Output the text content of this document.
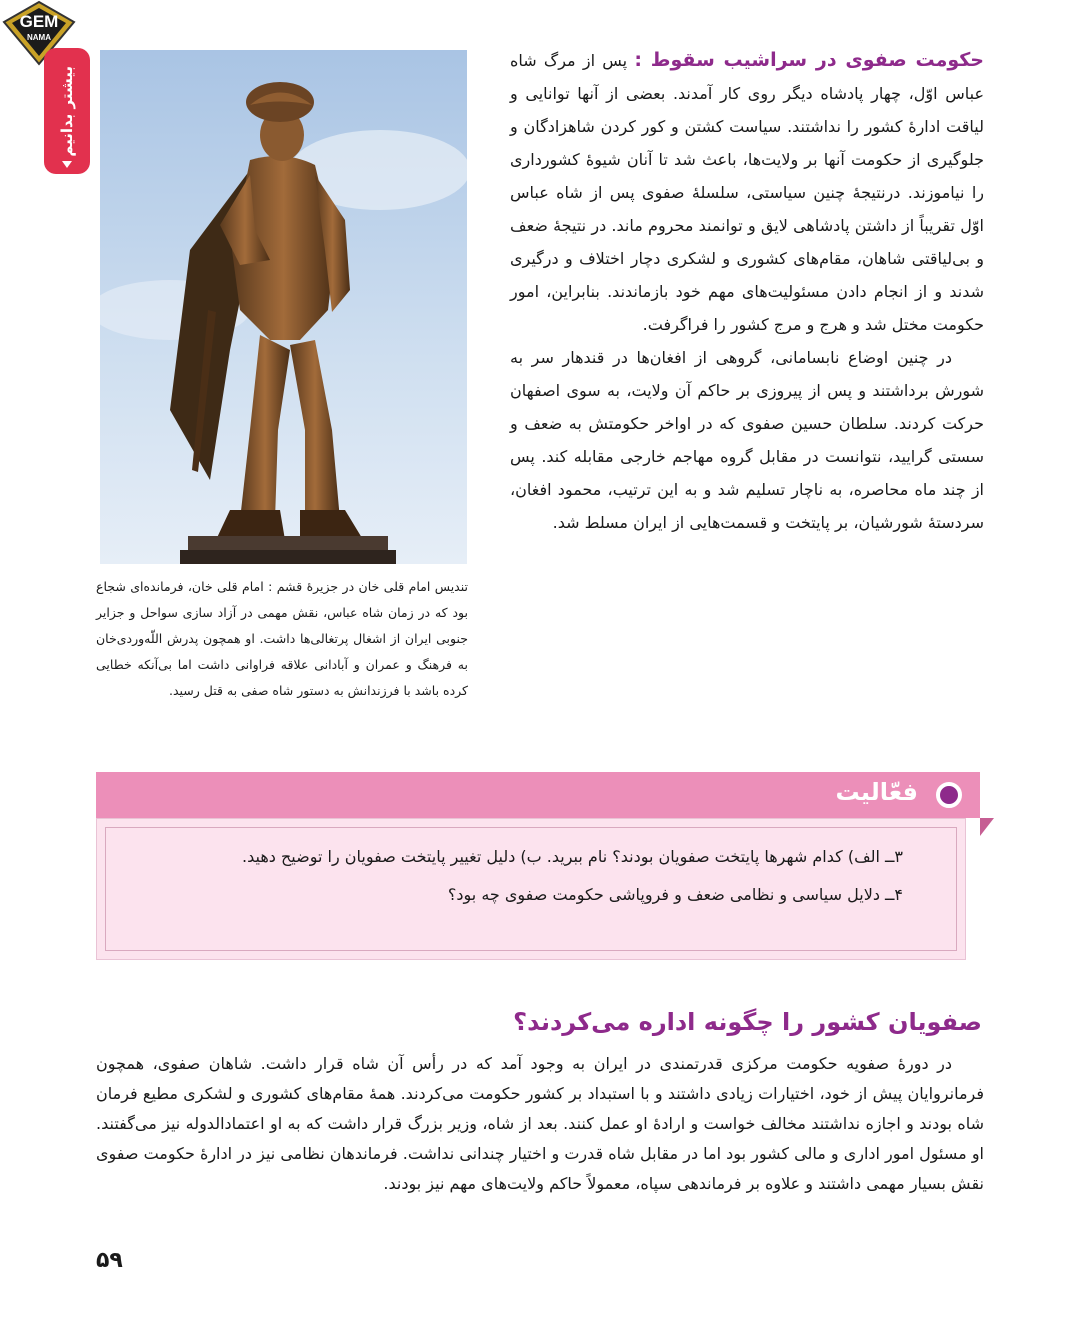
GEM
NAMA
بیشتر بدانیم
تندیس امام قلی خان در جزیرۀ قشم : امام قلی خان، فرمانده‌ای شجاع بود که در زمان شاه عباس، نقش مهمی در آزاد سازی سواحل و جزایر جنوبی ایران از اشغال پرتغالی‌ها داشت. او همچون پدرش اللّه‌وردی‌خان به فرهنگ و عمران و آبادانی علاقه فراوانی داشت اما بی‌آنکه خطایی کرده باشد با فرزندانش به دستور شاه صفی به قتل رسید.

حکومت صفوی در سراشیب سقوط : پس از مرگ شاه عباس اوّل، چهار پادشاه دیگر روی کار آمدند. بعضی از آنها توانایی و لیاقت ادارۀ کشور را نداشتند. سیاست کشتن و کور کردن شاهزادگان و جلوگیری از حکومت آنها بر ولایت‌ها، باعث شد تا آنان شیوۀ کشورداری را نیاموزند. درنتیجۀ چنین سیاستی، سلسلۀ صفوی پس از شاه عباس اوّل تقریباً از داشتن پادشاهی لایق و توانمند محروم ماند. در نتیجۀ ضعف و بی‌لیاقتی شاهان، مقام‌های کشوری و لشکری دچار اختلاف و درگیری شدند و از انجام دادن مسئولیت‌های مهم خود بازماندند. بنابراین، امور حکومت مختل شد و هرج و مرج کشور را فراگرفت.

در چنین اوضاع نابسامانی، گروهی از افغان‌ها در قندهار سر به شورش برداشتند و پس از پیروزی بر حاکم آن ولایت، به سوی اصفهان حرکت کردند. سلطان حسین صفوی که در اواخر حکومتش به ضعف و سستی گرایید، نتوانست در مقابل گروه مهاجم خارجی مقابله کند. پس از چند ماه محاصره، به ناچار تسلیم شد و به این ترتیب، محمود افغان، سردستۀ شورشیان، بر پایتخت و قسمت‌هایی از ایران مسلط شد.

فعّالیت
۳ــ الف) کدام شهرها پایتخت صفویان بودند؟ نام ببرید. ب) دلیل تغییر پایتخت صفویان را توضیح دهید.
۴ــ دلایل سیاسی و نظامی ضعف و فروپاشی حکومت صفوی چه بود؟
صفویان کشور را چگونه اداره می‌کردند؟

در دورۀ صفویه حکومت مرکزی قدرتمندی در ایران به وجود آمد که در رأس آن شاه قرار داشت. شاهان صفوی، همچون فرمانروایان پیش از خود، اختیارات زیادی داشتند و با استبداد بر کشور حکومت می‌کردند. همۀ مقام‌های کشوری و لشکری مطیع فرمان شاه بودند و اجازه نداشتند مخالف خواست و ارادۀ او عمل کنند. بعد از شاه، وزیر بزرگ قرار داشت که به او اعتمادالدوله نیز می‌گفتند. او مسئول امور اداری و مالی کشور بود اما در مقابل شاه قدرت و اختیار چندانی نداشت. فرماندهان نظامی نیز در ادارۀ حکومت صفوی نقش بسیار مهمی داشتند و علاوه بر فرماندهی سپاه، معمولاً حاکم ولایت‌های مهم نیز بودند.

۵۹
